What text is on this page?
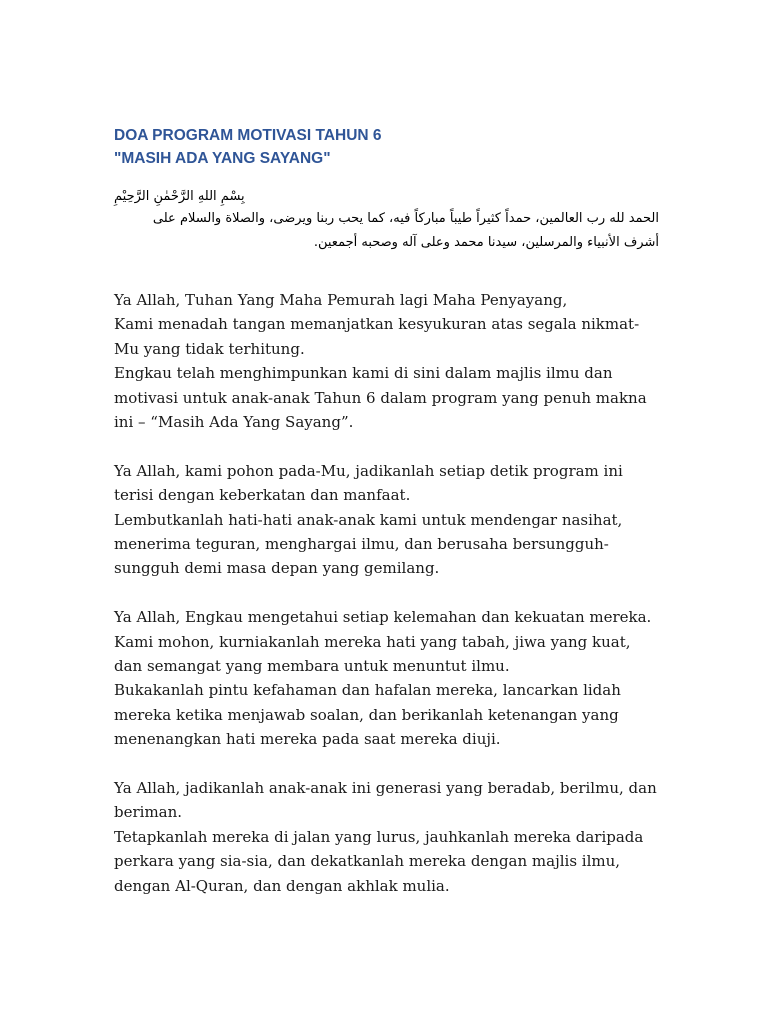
DOA PROGRAM MOTIVASI TAHUN 6
"MASIH ADA YANG SAYANG"
بِسْمِ اللهِ الرَّحْمٰنِ الرَّحِيْمِ
الحمد لله رب العالمين، حمداً كثيراً طيباً مباركاً فيه، كما يحب ربنا ويرضى، والصلاة والسلام على أشرف الأنبياء والمرسلين، سيدنا محمد وعلى آله وصحبه أجمعين.
Ya Allah, Tuhan Yang Maha Pemurah lagi Maha Penyayang,
Kami menadah tangan memanjatkan kesyukuran atas segala nikmat-Mu yang tidak terhitung.
Engkau telah menghimpunkan kami di sini dalam majlis ilmu dan motivasi untuk anak-anak Tahun 6 dalam program yang penuh makna ini – “Masih Ada Yang Sayang”.
Ya Allah, kami pohon pada-Mu, jadikanlah setiap detik program ini terisi dengan keberkatan dan manfaat.
Lembutkanlah hati-hati anak-anak kami untuk mendengar nasihat, menerima teguran, menghargai ilmu, dan berusaha bersungguh-sungguh demi masa depan yang gemilang.
Ya Allah, Engkau mengetahui setiap kelemahan dan kekuatan mereka.
Kami mohon, kurniakanlah mereka hati yang tabah, jiwa yang kuat, dan semangat yang membara untuk menuntut ilmu.
Bukakanlah pintu kefahaman dan hafalan mereka, lancarkan lidah mereka ketika menjawab soalan, dan berikanlah ketenangan yang menenangkan hati mereka pada saat mereka diuji.
Ya Allah, jadikanlah anak-anak ini generasi yang beradab, berilmu, dan beriman.
Tetapkanlah mereka di jalan yang lurus, jauhkanlah mereka daripada perkara yang sia-sia, dan dekatkanlah mereka dengan majlis ilmu, dengan Al-Quran, dan dengan akhlak mulia.
